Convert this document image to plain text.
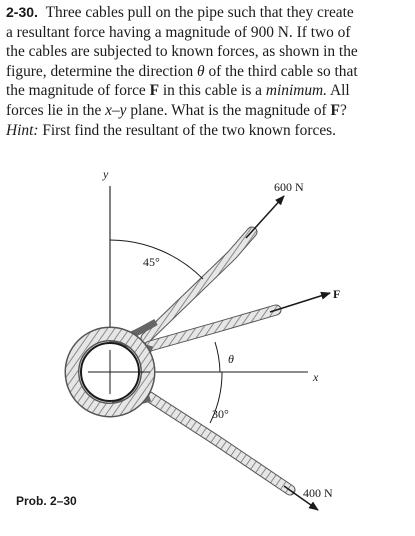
2-30. Three cables pull on the pipe such that they create
a resultant force having a magnitude of 900 N. If two of
the cables are subjected to known forces, as shown in the
figure, determine the direction θ of the third cable so that
the magnitude of force F in this cable is a minimum. All
forces lie in the x–y plane. What is the magnitude of F?
Hint: First find the resultant of the two known forces.
y
x
600 N
F
400 N
45°
θ
30°
Prob. 2–30
